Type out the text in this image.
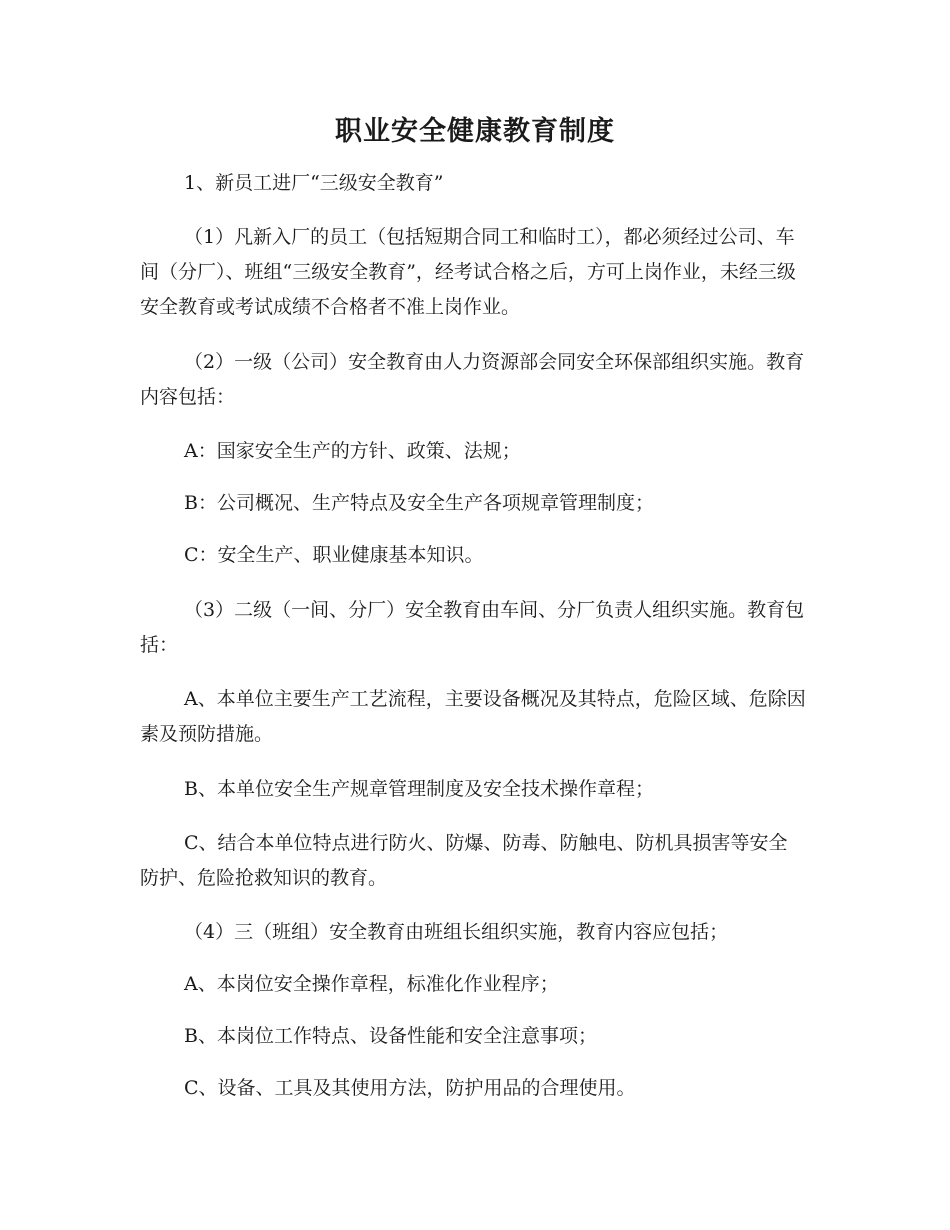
职业安全健康教育制度

1、新员工进厂“三级安全教育”

（1）凡新入厂的员工（包括短期合同工和临时工），都必须经过公司、车间（分厂）、班组“三级安全教育”，经考试合格之后，方可上岗作业，未经三级安全教育或考试成绩不合格者不准上岗作业。

（2）一级（公司）安全教育由人力资源部会同安全环保部组织实施。教育内容包括：

A：国家安全生产的方针、政策、法规；

B：公司概况、生产特点及安全生产各项规章管理制度；

C：安全生产、职业健康基本知识。

（3）二级（一间、分厂）安全教育由车间、分厂负责人组织实施。教育包括：

A、本单位主要生产工艺流程，主要设备概况及其特点，危险区域、危除因素及预防措施。

B、本单位安全生产规章管理制度及安全技术操作章程；

C、结合本单位特点进行防火、防爆、防毒、防触电、防机具损害等安全防护、危险抢救知识的教育。

（4）三（班组）安全教育由班组长组织实施，教育内容应包括；

A、本岗位安全操作章程，标准化作业程序；

B、本岗位工作特点、设备性能和安全注意事项；

C、设备、工具及其使用方法，防护用品的合理使用。
